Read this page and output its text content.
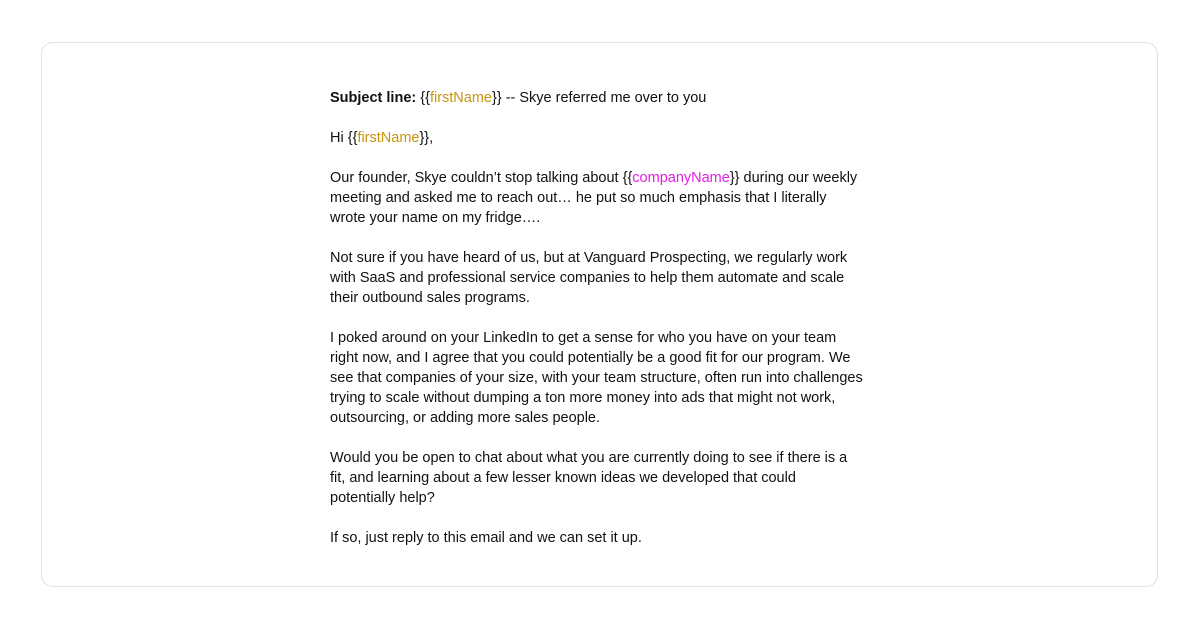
Subject line: {{firstName}} -- Skye referred me over to you

Hi {{firstName}},

Our founder, Skye couldn’t stop talking about {{companyName}} during our weekly
meeting and asked me to reach out… he put so much emphasis that I literally
wrote your name on my fridge….

Not sure if you have heard of us, but at Vanguard Prospecting, we regularly work
with SaaS and professional service companies to help them automate and scale
their outbound sales programs.

I poked around on your LinkedIn to get a sense for who you have on your team
right now, and I agree that you could potentially be a good fit for our program. We
see that companies of your size, with your team structure, often run into challenges
trying to scale without dumping a ton more money into ads that might not work,
outsourcing, or adding more sales people.

Would you be open to chat about what you are currently doing to see if there is a
fit, and learning about a few lesser known ideas we developed that could
potentially help?

If so, just reply to this email and we can set it up.
